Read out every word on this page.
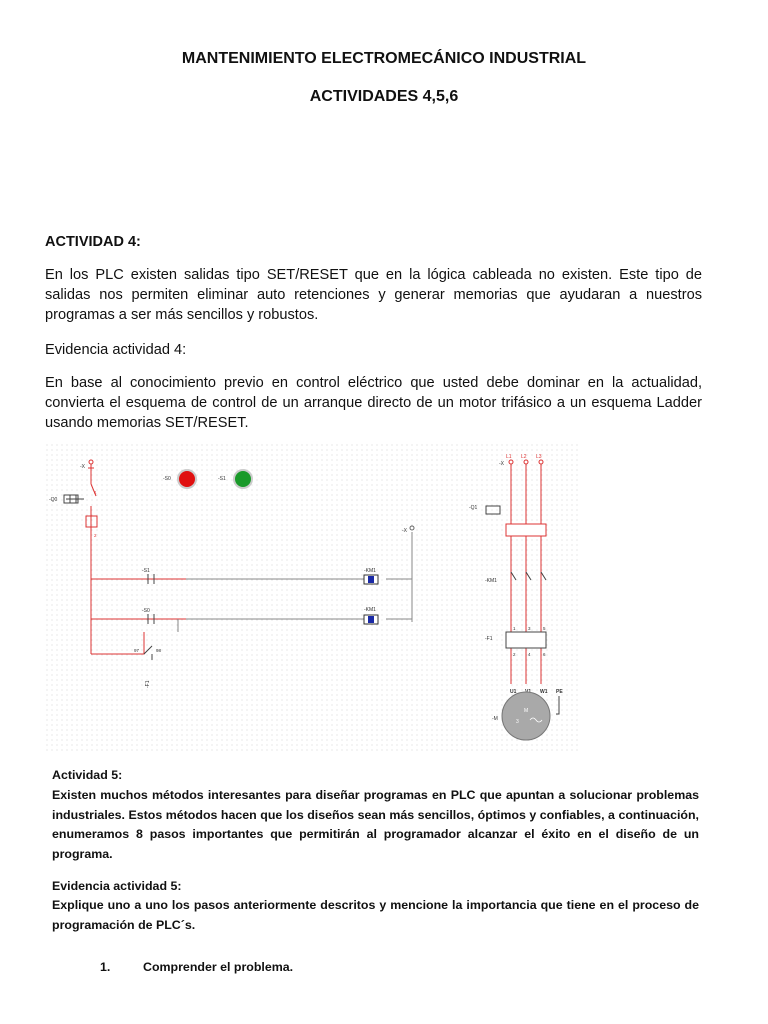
MANTENIMIENTO ELECTROMECÁNICO INDUSTRIAL
ACTIVIDADES 4,5,6

ACTIVIDAD 4:

En los PLC existen salidas tipo SET/RESET que en la lógica cableada no existen. Este tipo de salidas nos permiten eliminar auto retenciones y generar memorias que ayudaran a nuestros programas a ser más sencillos y robustos.

Evidencia actividad 4:

En base al conocimiento previo en control eléctrico que usted debe dominar en la actualidad, convierta el esquema de control de un arranque directo de un motor trifásico a un esquema Ladder usando memorias SET/RESET.

-X
-Q0
1
2
-S0	-S1
-X
-S1
-S0
-KM1
-KM1
97	98
-F1
-X
L1 L2 L3
-Q1
-KM1
-F1
1	3	5
2	4	6
U1	W1 PE
-M
M
3

Actividad 5:

Existen muchos métodos interesantes para diseñar programas en PLC que apuntan a solucionar problemas industriales. Estos métodos hacen que los diseños sean más sencillos, óptimos y confiables, a continuación, enumeramos 8 pasos importantes que permitirán al programador alcanzar el éxito en el diseño de un programa.

Evidencia actividad 5:

Explique uno a uno los pasos anteriormente descritos y mencione la importancia que tiene en el proceso de programación de PLC´s.

1.	Comprender el problema.
